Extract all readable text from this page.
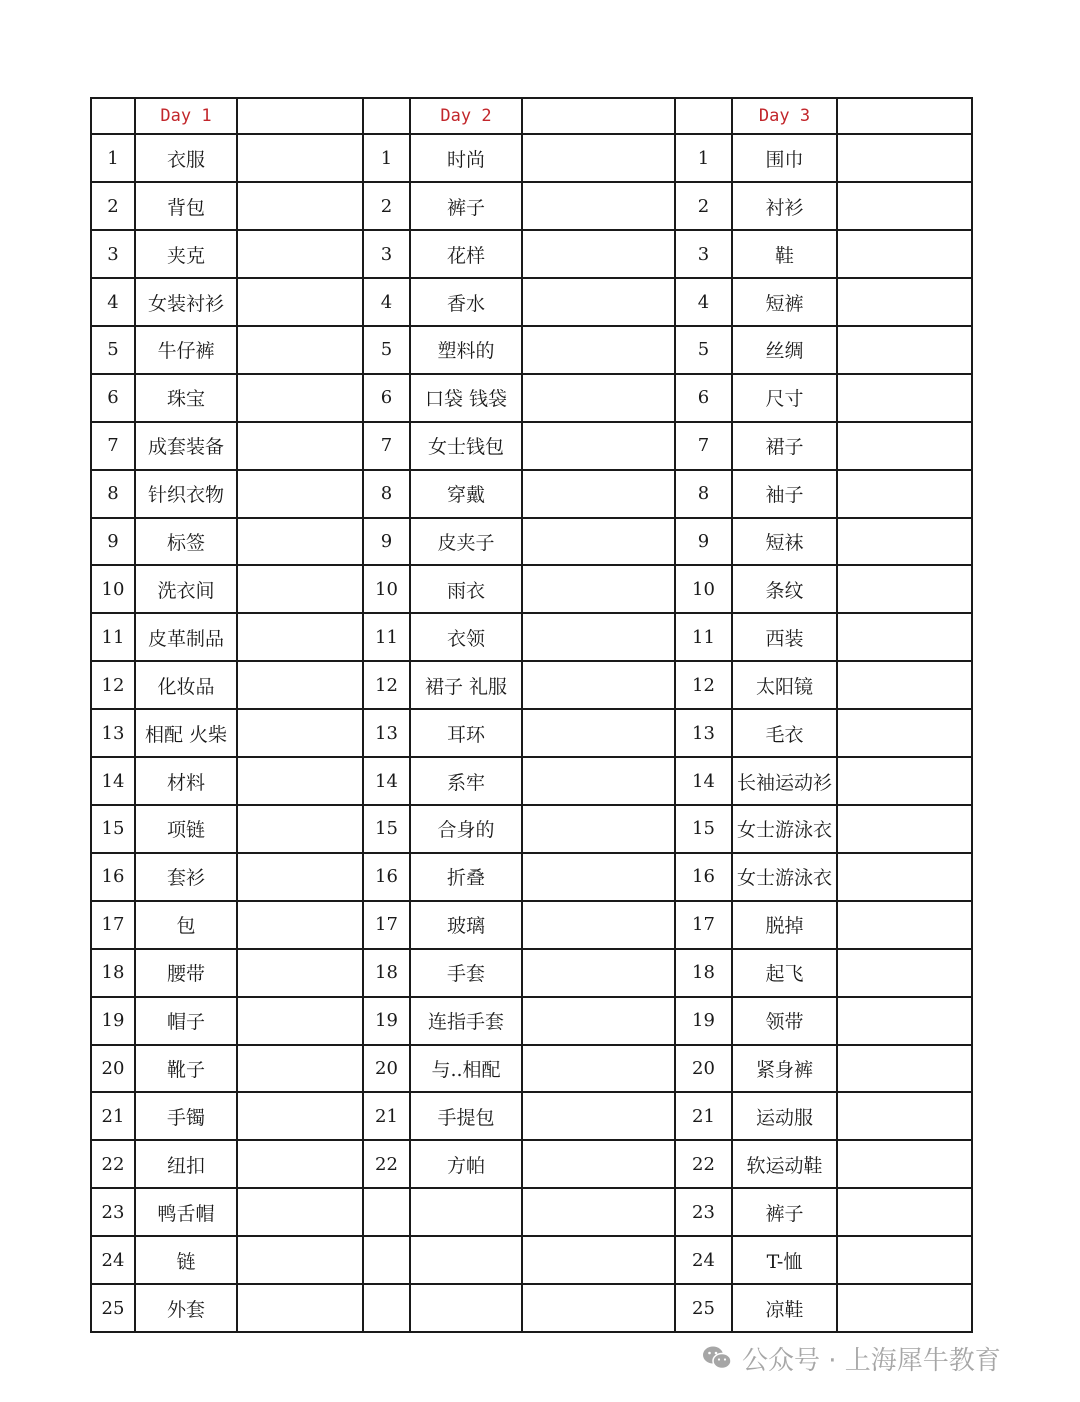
	Day 1			Day 2			Day 3	
1	衣服		1	时尚		1	围巾	
2	背包		2	裤子		2	衬衫	
3	夹克		3	花样		3	鞋	
4	女装衬衫		4	香水		4	短裤	
5	牛仔裤		5	塑料的		5	丝绸	
6	珠宝		6	口袋 钱袋		6	尺寸	
7	成套装备		7	女士钱包		7	裙子	
8	针织衣物		8	穿戴		8	袖子	
9	标签		9	皮夹子		9	短袜	
10	洗衣间		10	雨衣		10	条纹	
11	皮革制品		11	衣领		11	西装	
12	化妆品		12	裙子 礼服		12	太阳镜	
13	相配 火柴		13	耳环		13	毛衣	
14	材料		14	系牢		14	长袖运动衫	
15	项链		15	合身的		15	女士游泳衣	
16	套衫		16	折叠		16	女士游泳衣	
17	包		17	玻璃		17	脱掉	
18	腰带		18	手套		18	起飞	
19	帽子		19	连指手套		19	领带	
20	靴子		20	与..相配		20	紧身裤	
21	手镯		21	手提包		21	运动服	
22	纽扣		22	方帕		22	软运动鞋	
23	鸭舌帽					23	裤子	
24	链					24	T-恤	
25	外套					25	凉鞋	
公众号 · 上海犀牛教育
